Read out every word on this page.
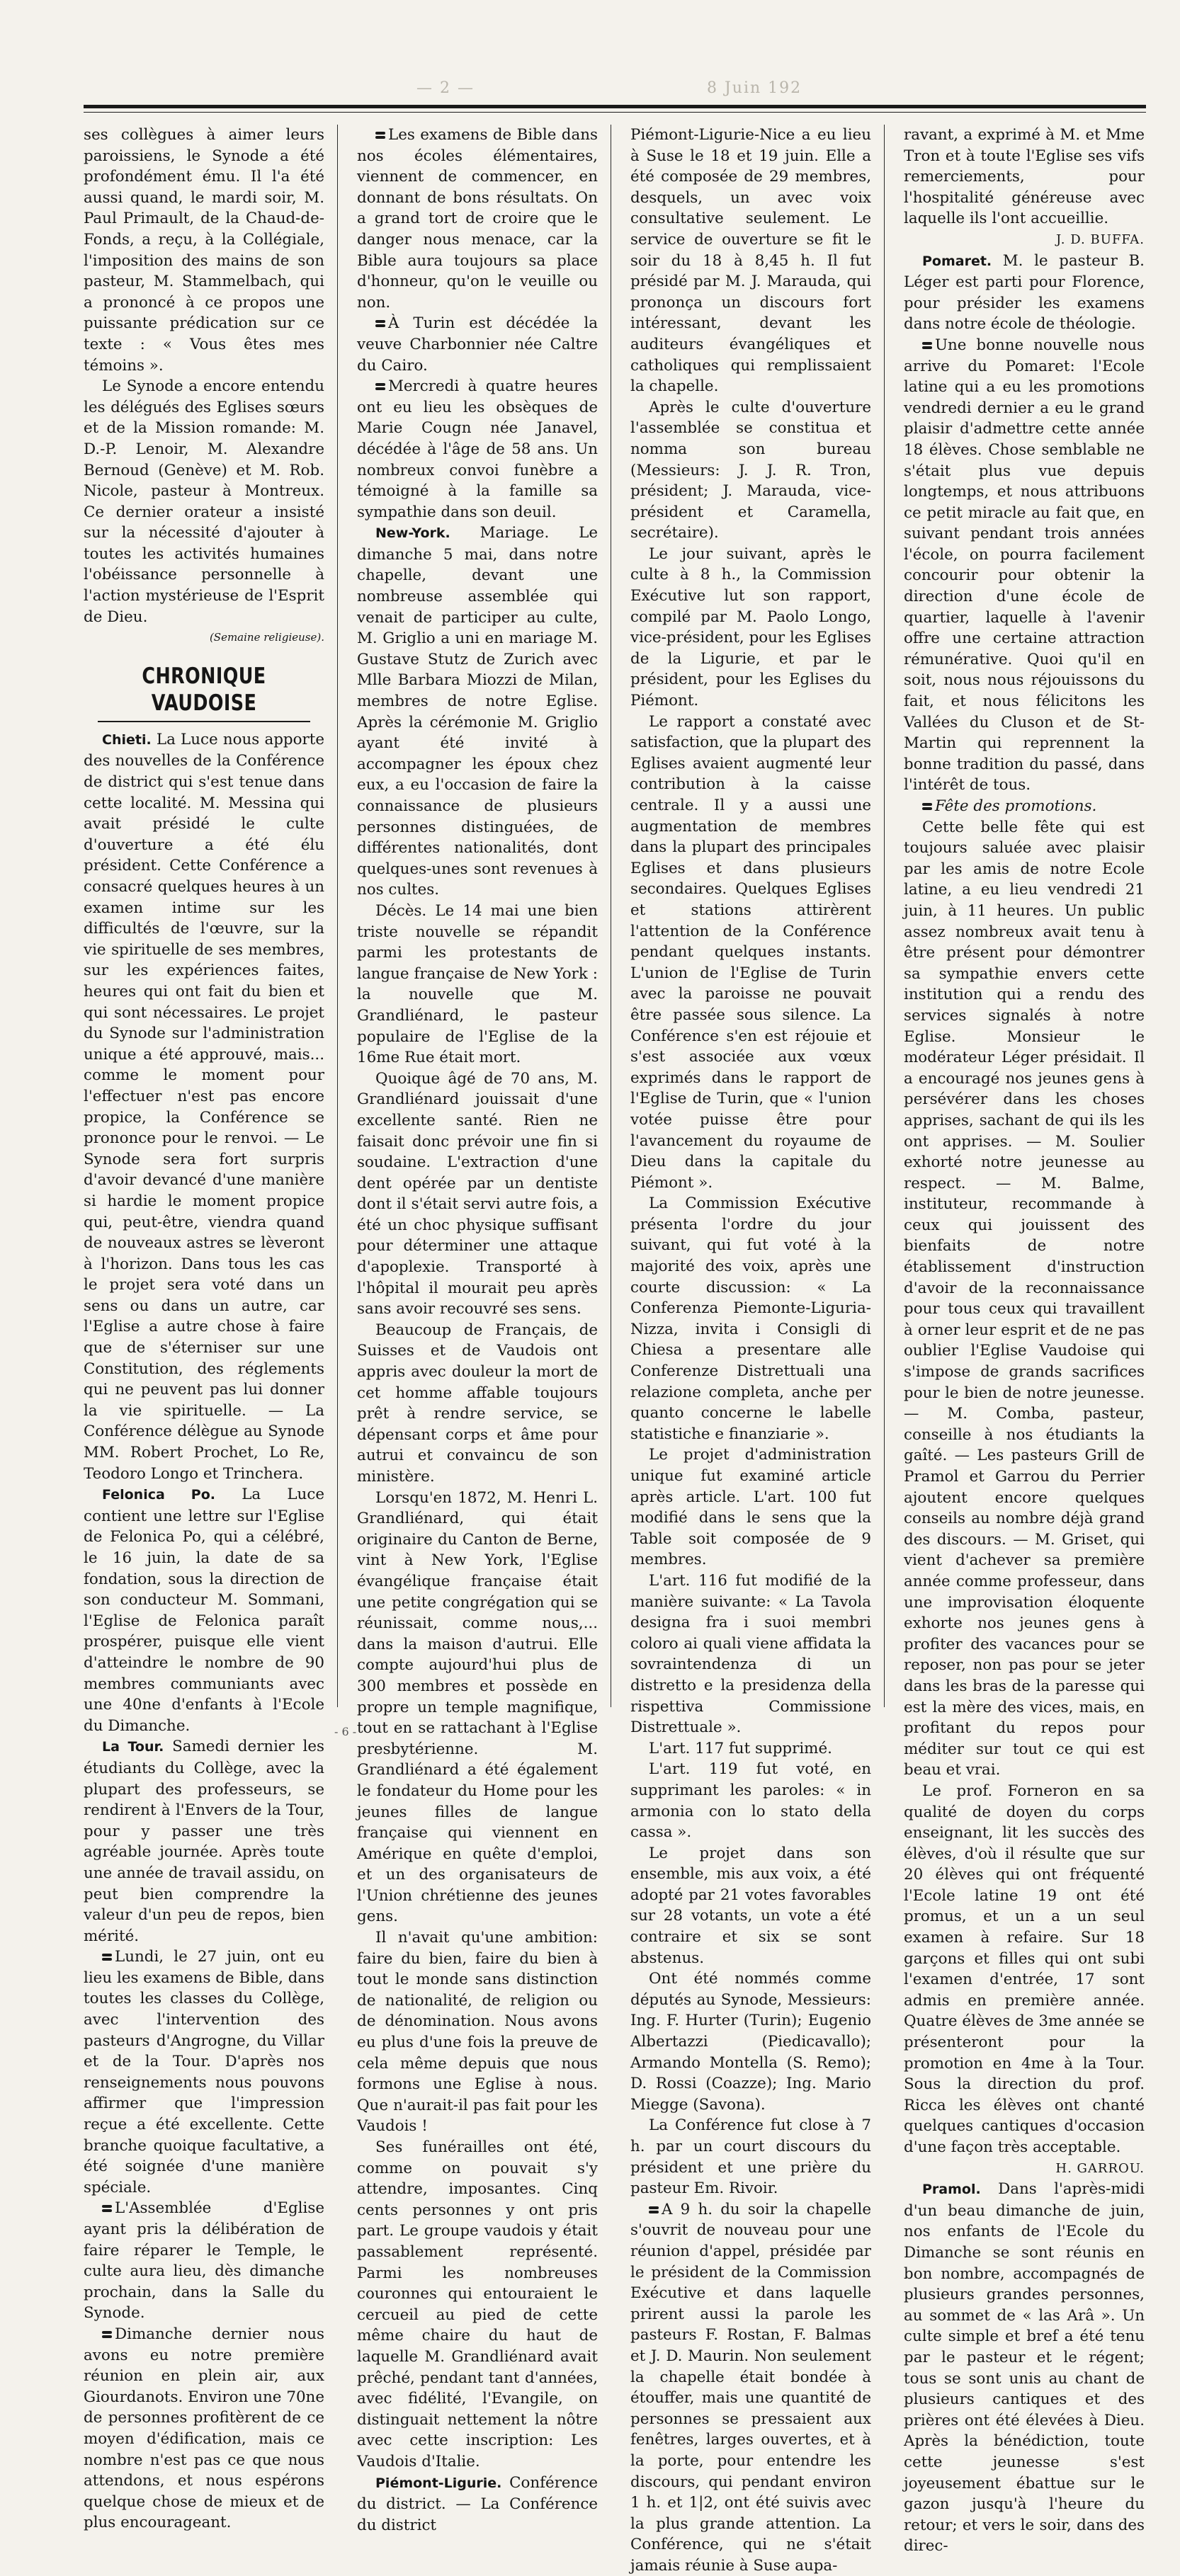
— 2 —	8 Juin 192

ses collègues à aimer leurs paroissiens, le Synode a été profondément ému. Il l'a été aussi quand, le mardi soir, M. Paul Primault, de la Chaud-de-Fonds, a reçu, à la Collégiale, l'imposition des mains de son pasteur, M. Stammelbach, qui a prononcé à ce propos une puissante prédication sur ce texte : « Vous êtes mes témoins ».

Le Synode a encore entendu les délégués des Eglises sœurs et de la Mission romande: M. D.-P. Lenoir, M. Alexandre Bernoud (Genève) et M. Rob. Nicole, pasteur à Montreux. Ce dernier orateur a insisté sur la nécessité d'ajouter à toutes les activités humaines l'obéissance personnelle à l'action mystérieuse de l'Esprit de Dieu.

(Semaine religieuse).
CHRONIQUE VAUDOISE

Chieti. La Luce nous apporte des nouvelles de la Conférence de district qui s'est tenue dans cette localité. M. Messina qui avait présidé le culte d'ouverture a été élu président. Cette Conférence a consacré quelques heures à un examen intime sur les difficultés de l'œuvre, sur la vie spirituelle de ses membres, sur les expériences faites, heures qui ont fait du bien et qui sont nécessaires. Le projet du Synode sur l'administration unique a été approuvé, mais... comme le moment pour l'effectuer n'est pas encore propice, la Conférence se prononce pour le renvoi. — Le Synode sera fort surpris d'avoir devancé d'une manière si hardie le moment propice qui, peut-être, viendra quand de nouveaux astres se lèveront à l'horizon. Dans tous les cas le projet sera voté dans un sens ou dans un autre, car l'Eglise a autre chose à faire que de s'éterniser sur une Constitution, des réglements qui ne peuvent pas lui donner la vie spirituelle. — La Conférence délègue au Synode MM. Robert Prochet, Lo Re, Teodoro Longo et Trinchera.

Felonica Po. La Luce contient une lettre sur l'Eglise de Felonica Po, qui a célébré, le 16 juin, la date de sa fondation, sous la direction de son conducteur M. Sommani, l'Eglise de Felonica paraît prospérer, puisque elle vient d'atteindre le nombre de 90 membres communiants avec une 40ne d'enfants à l'Ecole du Dimanche.

La Tour. Samedi dernier les étudiants du Collège, avec la plupart des professeurs, se rendirent à l'Envers de la Tour, pour y passer une très agréable journée. Après toute une année de travail assidu, on peut bien comprendre la valeur d'un peu de repos, bien mérité.

Lundi, le 27 juin, ont eu lieu les examens de Bible, dans toutes les classes du Collège, avec l'intervention des pasteurs d'Angrogne, du Villar et de la Tour. D'après nos renseignements nous pouvons affirmer que l'impression reçue a été excellente. Cette branche quoique facultative, a été soignée d'une manière spéciale.

L'Assemblée d'Eglise ayant pris la délibération de faire réparer le Temple, le culte aura lieu, dès dimanche prochain, dans la Salle du Synode.

Dimanche dernier nous avons eu notre première réunion en plein air, aux Giourdanots. Environ une 70ne de personnes profitèrent de ce moyen d'édification, mais ce nombre n'est pas ce que nous attendons, et nous espérons quelque chose de mieux et de plus encourageant.

Les examens de Bible dans nos écoles élémentaires, viennent de commencer, en donnant de bons résultats. On a grand tort de croire que le danger nous menace, car la Bible aura toujours sa place d'honneur, qu'on le veuille ou non.

À Turin est décédée la veuve Charbonnier née Caltre du Cairo.

Mercredi à quatre heures ont eu lieu les obsèques de Marie Cougn née Janavel, décédée à l'âge de 58 ans. Un nombreux convoi funèbre a témoigné à la famille sa sympathie dans son deuil.

New-York. Mariage. Le dimanche 5 mai, dans notre chapelle, devant une nombreuse assemblée qui venait de participer au culte, M. Griglio a uni en mariage M. Gustave Stutz de Zurich avec Mlle Barbara Miozzi de Milan, membres de notre Eglise. Après la cérémonie M. Griglio ayant été invité à accompagner les époux chez eux, a eu l'occasion de faire la connaissance de plusieurs personnes distinguées, de différentes nationalités, dont quelques-unes sont revenues à nos cultes.

Décès. Le 14 mai une bien triste nouvelle se répandit parmi les protestants de langue française de New York : la nouvelle que M. Grandliénard, le pasteur populaire de l'Eglise de la 16me Rue était mort.

Quoique âgé de 70 ans, M. Grandliénard jouissait d'une excellente santé. Rien ne faisait donc prévoir une fin si soudaine. L'extraction d'une dent opérée par un dentiste dont il s'était servi autre fois, a été un choc physique suffisant pour déterminer une attaque d'apoplexie. Transporté à l'hôpital il mourait peu après sans avoir recouvré ses sens.

Beaucoup de Français, de Suisses et de Vaudois ont appris avec douleur la mort de cet homme affable toujours prêt à rendre service, se dépensant corps et âme pour autrui et convaincu de son ministère.

Lorsqu'en 1872, M. Henri L. Grandliénard, qui était originaire du Canton de Berne, vint à New York, l'Eglise évangélique française était une petite congrégation qui se réunissait, comme nous,... dans la maison d'autrui. Elle compte aujourd'hui plus de 300 membres et possède en propre un temple magnifique, tout en se rattachant à l'Eglise presbytérienne. M. Grandliénard a été également le fondateur du Home pour les jeunes filles de langue française qui viennent en Amérique en quête d'emploi, et un des organisateurs de l'Union chrétienne des jeunes gens.

Il n'avait qu'une ambition: faire du bien, faire du bien à tout le monde sans distinction de nationalité, de religion ou de dénomination. Nous avons eu plus d'une fois la preuve de cela même depuis que nous formons une Eglise à nous. Que n'aurait-il pas fait pour les Vaudois !

Ses funérailles ont été, comme on pouvait s'y attendre, imposantes. Cinq cents personnes y ont pris part. Le groupe vaudois y était passablement représenté. Parmi les nombreuses couronnes qui entouraient le cercueil au pied de cette même chaire du haut de laquelle M. Grandliénard avait prêché, pendant tant d'années, avec fidélité, l'Evangile, on distinguait nettement la nôtre avec cette inscription: Les Vaudois d'Italie.

Piémont-Ligurie. Conférence du district. — La Conférence du district

Piémont-Ligurie-Nice a eu lieu à Suse le 18 et 19 juin. Elle a été composée de 29 membres, desquels, un avec voix consultative seulement. Le service de ouverture se fit le soir du 18 à 8,45 h. Il fut présidé par M. J. Marauda, qui prononça un discours fort intéressant, devant les auditeurs évangéliques et catholiques qui remplissaient la chapelle.

Après le culte d'ouverture l'assemblée se constitua et nomma son bureau (Messieurs: J. J. R. Tron, président; J. Marauda, vice-président et Caramella, secrétaire).

Le jour suivant, après le culte à 8 h., la Commission Exécutive lut son rapport, compilé par M. Paolo Longo, vice-président, pour les Eglises de la Ligurie, et par le président, pour les Eglises du Piémont.

Le rapport a constaté avec satisfaction, que la plupart des Eglises avaient augmenté leur contribution à la caisse centrale. Il y a aussi une augmentation de membres dans la plupart des principales Eglises et dans plusieurs secondaires. Quelques Eglises et stations attirèrent l'attention de la Conférence pendant quelques instants. L'union de l'Eglise de Turin avec la paroisse ne pouvait être passée sous silence. La Conférence s'en est réjouie et s'est associée aux vœux exprimés dans le rapport de l'Eglise de Turin, que « l'union votée puisse être pour l'avancement du royaume de Dieu dans la capitale du Piémont ».

La Commission Exécutive présenta l'ordre du jour suivant, qui fut voté à la majorité des voix, après une courte discussion: « La Conferenza Piemonte-Liguria-Nizza, invita i Consigli di Chiesa a presentare alle Conferenze Distrettuali una relazione completa, anche per quanto concerne le labelle statistiche e finanziarie ».

Le projet d'administration unique fut examiné article après article. L'art. 100 fut modifié dans le sens que la Table soit composée de 9 membres.

L'art. 116 fut modifié de la manière suivante: « La Tavola designa fra i suoi membri coloro ai quali viene affidata la sovraintendenza di un distretto e la presidenza della rispettiva Commissione Distrettuale ».

L'art. 117 fut supprimé.

L'art. 119 fut voté, en supprimant les paroles: « in armonia con lo stato della cassa ».

Le projet dans son ensemble, mis aux voix, a été adopté par 21 votes favorables sur 28 votants, un vote a été contraire et six se sont abstenus.

Ont été nommés comme députés au Synode, Messieurs: Ing. F. Hurter (Turin); Eugenio Albertazzi (Piedicavallo); Armando Montella (S. Remo); D. Rossi (Coazze); Ing. Mario Miegge (Savona).

La Conférence fut close à 7 h. par un court discours du président et une prière du pasteur Em. Rivoir.

A 9 h. du soir la chapelle s'ouvrit de nouveau pour une réunion d'appel, présidée par le président de la Commission Exécutive et dans laquelle prirent aussi la parole les pasteurs F. Rostan, F. Balmas et J. D. Maurin. Non seulement la chapelle était bondée à étouffer, mais une quantité de personnes se pressaient aux fenêtres, larges ouvertes, et à la porte, pour entendre les discours, qui pendant environ 1 h. et 1|2, ont été suivis avec la plus grande attention. La Conférence, qui ne s'était jamais réunie à Suse aupa-

ravant, a exprimé à M. et Mme Tron et à toute l'Eglise ses vifs remerciements, pour l'hospitalité généreuse avec laquelle ils l'ont accueillie.

J. D. BUFFA.

Pomaret. M. le pasteur B. Léger est parti pour Florence, pour présider les examens dans notre école de théologie.

Une bonne nouvelle nous arrive du Pomaret: l'Ecole latine qui a eu les promotions vendredi dernier a eu le grand plaisir d'admettre cette année 18 élèves. Chose semblable ne s'était plus vue depuis longtemps, et nous attribuons ce petit miracle au fait que, en suivant pendant trois années l'école, on pourra facilement concourir pour obtenir la direction d'une école de quartier, laquelle à l'avenir offre une certaine attraction rémunérative. Quoi qu'il en soit, nous nous réjouissons du fait, et nous félicitons les Vallées du Cluson et de St-Martin qui reprennent la bonne tradition du passé, dans l'intérêt de tous.

Fête des promotions.

Cette belle fête qui est toujours saluée avec plaisir par les amis de notre Ecole latine, a eu lieu vendredi 21 juin, à 11 heures. Un public assez nombreux avait tenu à être présent pour démontrer sa sympathie envers cette institution qui a rendu des services signalés à notre Eglise. Monsieur le modérateur Léger présidait. Il a encouragé nos jeunes gens à persévérer dans les choses apprises, sachant de qui ils les ont apprises. — M. Soulier exhorté notre jeunesse au respect. — M. Balme, instituteur, recommande à ceux qui jouissent des bienfaits de notre établissement d'instruction d'avoir de la reconnaissance pour tous ceux qui travaillent à orner leur esprit et de ne pas oublier l'Eglise Vaudoise qui s'impose de grands sacrifices pour le bien de notre jeunesse. — M. Comba, pasteur, conseille à nos étudiants la gaîté. — Les pasteurs Grill de Pramol et Garrou du Perrier ajoutent encore quelques conseils au nombre déjà grand des discours. — M. Griset, qui vient d'achever sa première année comme professeur, dans une improvisation éloquente exhorte nos jeunes gens à profiter des vacances pour se reposer, non pas pour se jeter dans les bras de la paresse qui est la mère des vices, mais, en profitant du repos pour méditer sur tout ce qui est beau et vrai.

Le prof. Forneron en sa qualité de doyen du corps enseignant, lit les succès des élèves, d'où il résulte que sur 20 élèves qui ont fréquenté l'Ecole latine 19 ont été promus, et un a un seul examen à refaire. Sur 18 garçons et filles qui ont subi l'examen d'entrée, 17 sont admis en première année. Quatre élèves de 3me année se présenteront pour la promotion en 4me à la Tour. Sous la direction du prof. Ricca les élèves ont chanté quelques cantiques d'occasion d'une façon très acceptable.

H. GARROU.

Pramol. Dans l'après-midi d'un beau dimanche de juin, nos enfants de l'Ecole du Dimanche se sont réunis en bon nombre, accompagnés de plusieurs grandes personnes, au sommet de « las Arâ ». Un culte simple et bref a été tenu par le pasteur et le régent; tous se sont unis au chant de plusieurs cantiques et des prières ont été élevées à Dieu. Après la bénédiction, toute cette jeunesse s'est joyeusement ébattue sur le gazon jusqu'à l'heure du retour; et vers le soir, dans des direc-

- 6 -
